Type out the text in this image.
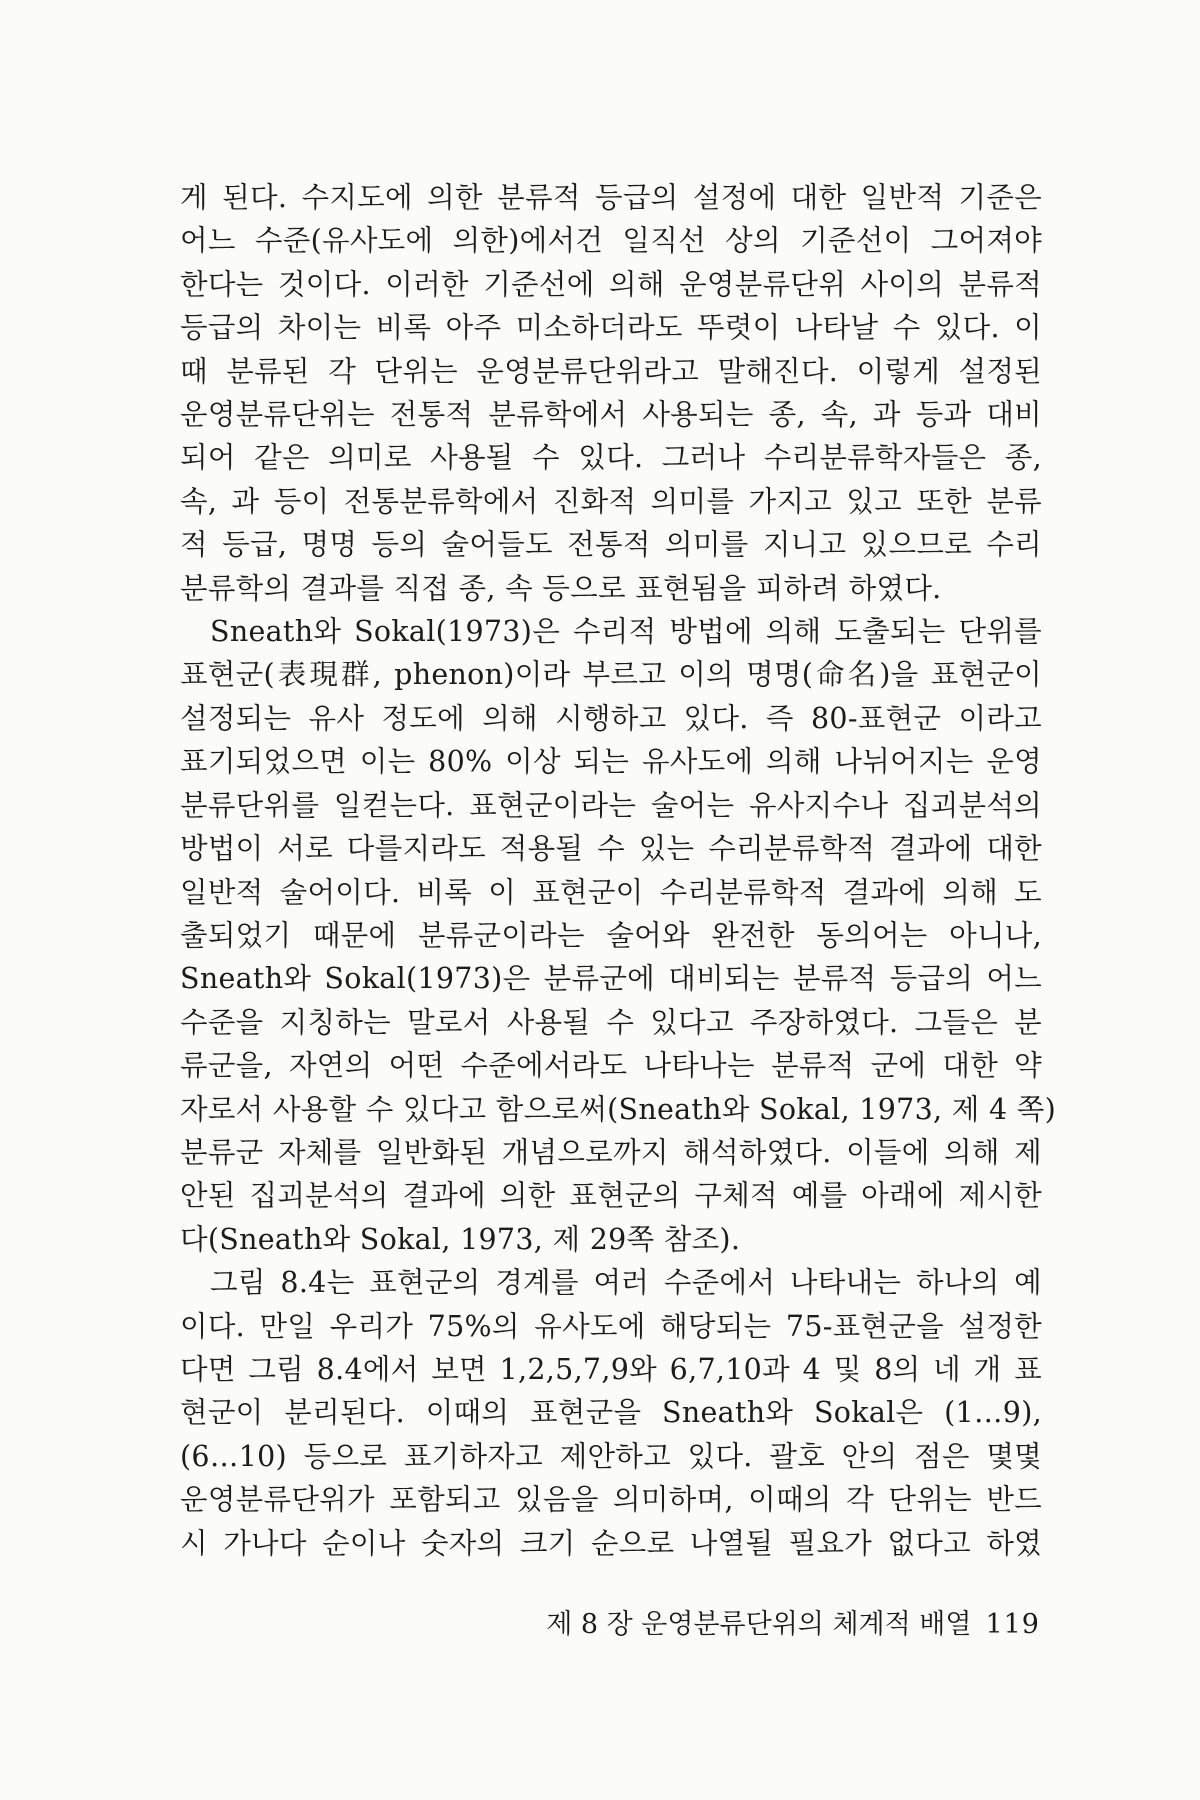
게 된다. 수지도에 의한 분류적 등급의 설정에 대한 일반적 기준은
어느 수준(유사도에 의한)에서건 일직선 상의 기준선이 그어져야
한다는 것이다. 이러한 기준선에 의해 운영분류단위 사이의 분류적
등급의 차이는 비록 아주 미소하더라도 뚜렷이 나타날 수 있다. 이
때 분류된 각 단위는 운영분류단위라고 말해진다. 이렇게 설정된
운영분류단위는 전통적 분류학에서 사용되는 종, 속, 과 등과 대비
되어 같은 의미로 사용될 수 있다. 그러나 수리분류학자들은 종,
속, 과 등이 전통분류학에서 진화적 의미를 가지고 있고 또한 분류
적 등급, 명명 등의 술어들도 전통적 의미를 지니고 있으므로 수리
분류학의 결과를 직접 종, 속 등으로 표현됨을 피하려 하였다.
Sneath와 Sokal(1973)은 수리적 방법에 의해 도출되는 단위를
표현군(表現群, phenon)이라 부르고 이의 명명(命名)을 표현군이
설정되는 유사 정도에 의해 시행하고 있다. 즉 80-표현군 이라고
표기되었으면 이는 80% 이상 되는 유사도에 의해 나뉘어지는 운영
분류단위를 일컫는다. 표현군이라는 술어는 유사지수나 집괴분석의
방법이 서로 다를지라도 적용될 수 있는 수리분류학적 결과에 대한
일반적 술어이다. 비록 이 표현군이 수리분류학적 결과에 의해 도
출되었기 때문에 분류군이라는 술어와 완전한 동의어는 아니나,
Sneath와 Sokal(1973)은 분류군에 대비되는 분류적 등급의 어느
수준을 지칭하는 말로서 사용될 수 있다고 주장하였다. 그들은 분
류군을, 자연의 어떤 수준에서라도 나타나는 분류적 군에 대한 약
자로서 사용할 수 있다고 함으로써(Sneath와 Sokal, 1973, 제 4 쪽)
분류군 자체를 일반화된 개념으로까지 해석하였다. 이들에 의해 제
안된 집괴분석의 결과에 의한 표현군의 구체적 예를 아래에 제시한
다(Sneath와 Sokal, 1973, 제 29쪽 참조).
그림 8.4는 표현군의 경계를 여러 수준에서 나타내는 하나의 예
이다. 만일 우리가 75%의 유사도에 해당되는 75-표현군을 설정한
다면 그림 8.4에서 보면 1,2,5,7,9와 6,7,10과 4 및 8의 네 개 표
현군이 분리된다. 이때의 표현군을 Sneath와 Sokal은 (1…9),
(6…10) 등으로 표기하자고 제안하고 있다. 괄호 안의 점은 몇몇
운영분류단위가 포함되고 있음을 의미하며, 이때의 각 단위는 반드
시 가나다 순이나 숫자의 크기 순으로 나열될 필요가 없다고 하였
제 8 장 운영분류단위의 체계적 배열 119
